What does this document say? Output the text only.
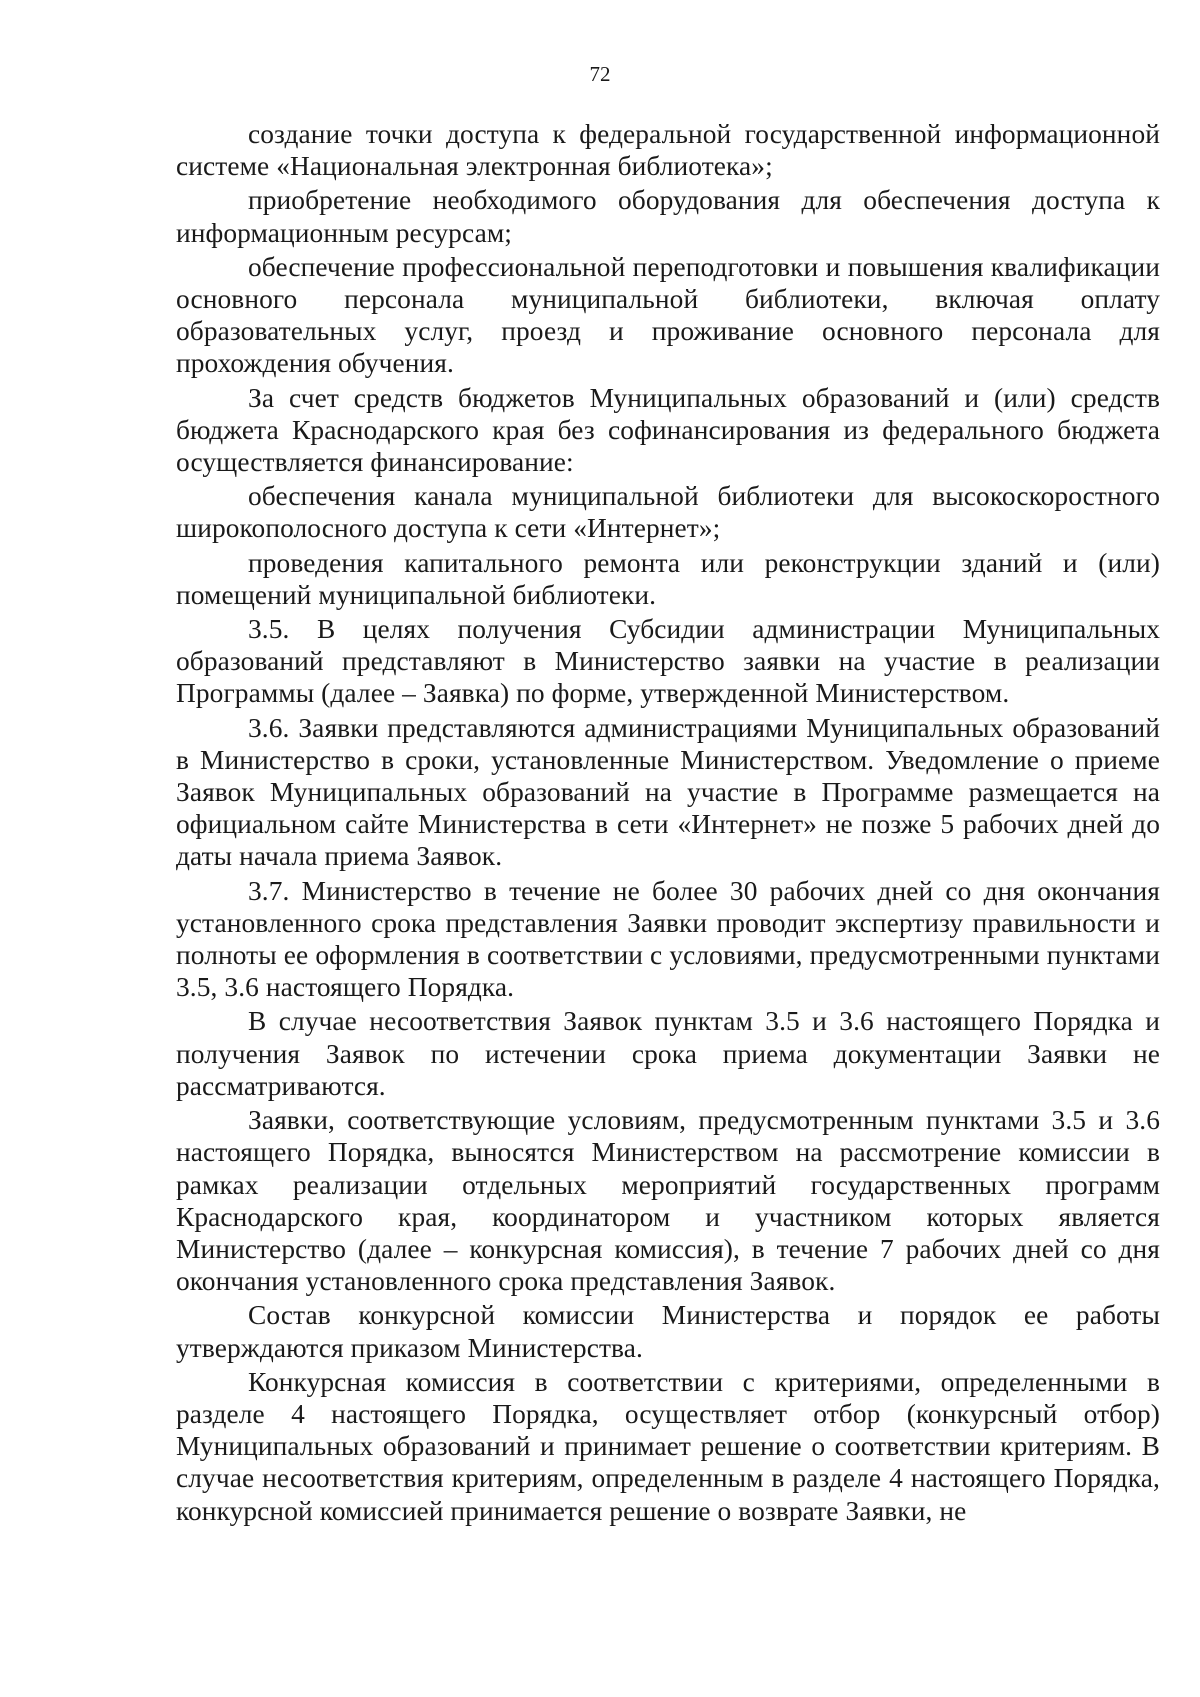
72

создание точки доступа к федеральной государственной информационной системе «Национальная электронная библиотека»;

приобретение необходимого оборудования для обеспечения доступа к информационным ресурсам;

обеспечение профессиональной переподготовки и повышения квалификации основного персонала муниципальной библиотеки, включая оплату образовательных услуг, проезд и проживание основного персонала для прохождения обучения.

За счет средств бюджетов Муниципальных образований и (или) средств бюджета Краснодарского края без софинансирования из федерального бюджета осуществляется финансирование:

обеспечения канала муниципальной библиотеки для высокоскоростного широкополосного доступа к сети «Интернет»;

проведения капитального ремонта или реконструкции зданий и (или) помещений муниципальной библиотеки.

3.5. В целях получения Субсидии администрации Муниципальных образований представляют в Министерство заявки на участие в реализации Программы (далее – Заявка) по форме, утвержденной Министерством.

3.6. Заявки представляются администрациями Муниципальных образований в Министерство в сроки, установленные Министерством. Уведомление о приеме Заявок Муниципальных образований на участие в Программе размещается на официальном сайте Министерства в сети «Интернет» не позже 5 рабочих дней до даты начала приема Заявок.

3.7. Министерство в течение не более 30 рабочих дней со дня окончания установленного срока представления Заявки проводит экспертизу правильности и полноты ее оформления в соответствии с условиями, предусмотренными пунктами 3.5, 3.6 настоящего Порядка.

В случае несоответствия Заявок пунктам 3.5 и 3.6 настоящего Порядка и получения Заявок по истечении срока приема документации Заявки не рассматриваются.

Заявки, соответствующие условиям, предусмотренным пунктами 3.5 и 3.6 настоящего Порядка, выносятся Министерством на рассмотрение комиссии в рамках реализации отдельных мероприятий государственных программ Краснодарского края, координатором и участником которых является Министерство (далее – конкурсная комиссия), в течение 7 рабочих дней со дня окончания установленного срока представления Заявок.

Состав конкурсной комиссии Министерства и порядок ее работы утверждаются приказом Министерства.

Конкурсная комиссия в соответствии с критериями, определенными в разделе 4 настоящего Порядка, осуществляет отбор (конкурсный отбор) Муниципальных образований и принимает решение о соответствии критериям. В случае несоответствия критериям, определенным в разделе 4 настоящего Порядка, конкурсной комиссией принимается решение о возврате Заявки, не
